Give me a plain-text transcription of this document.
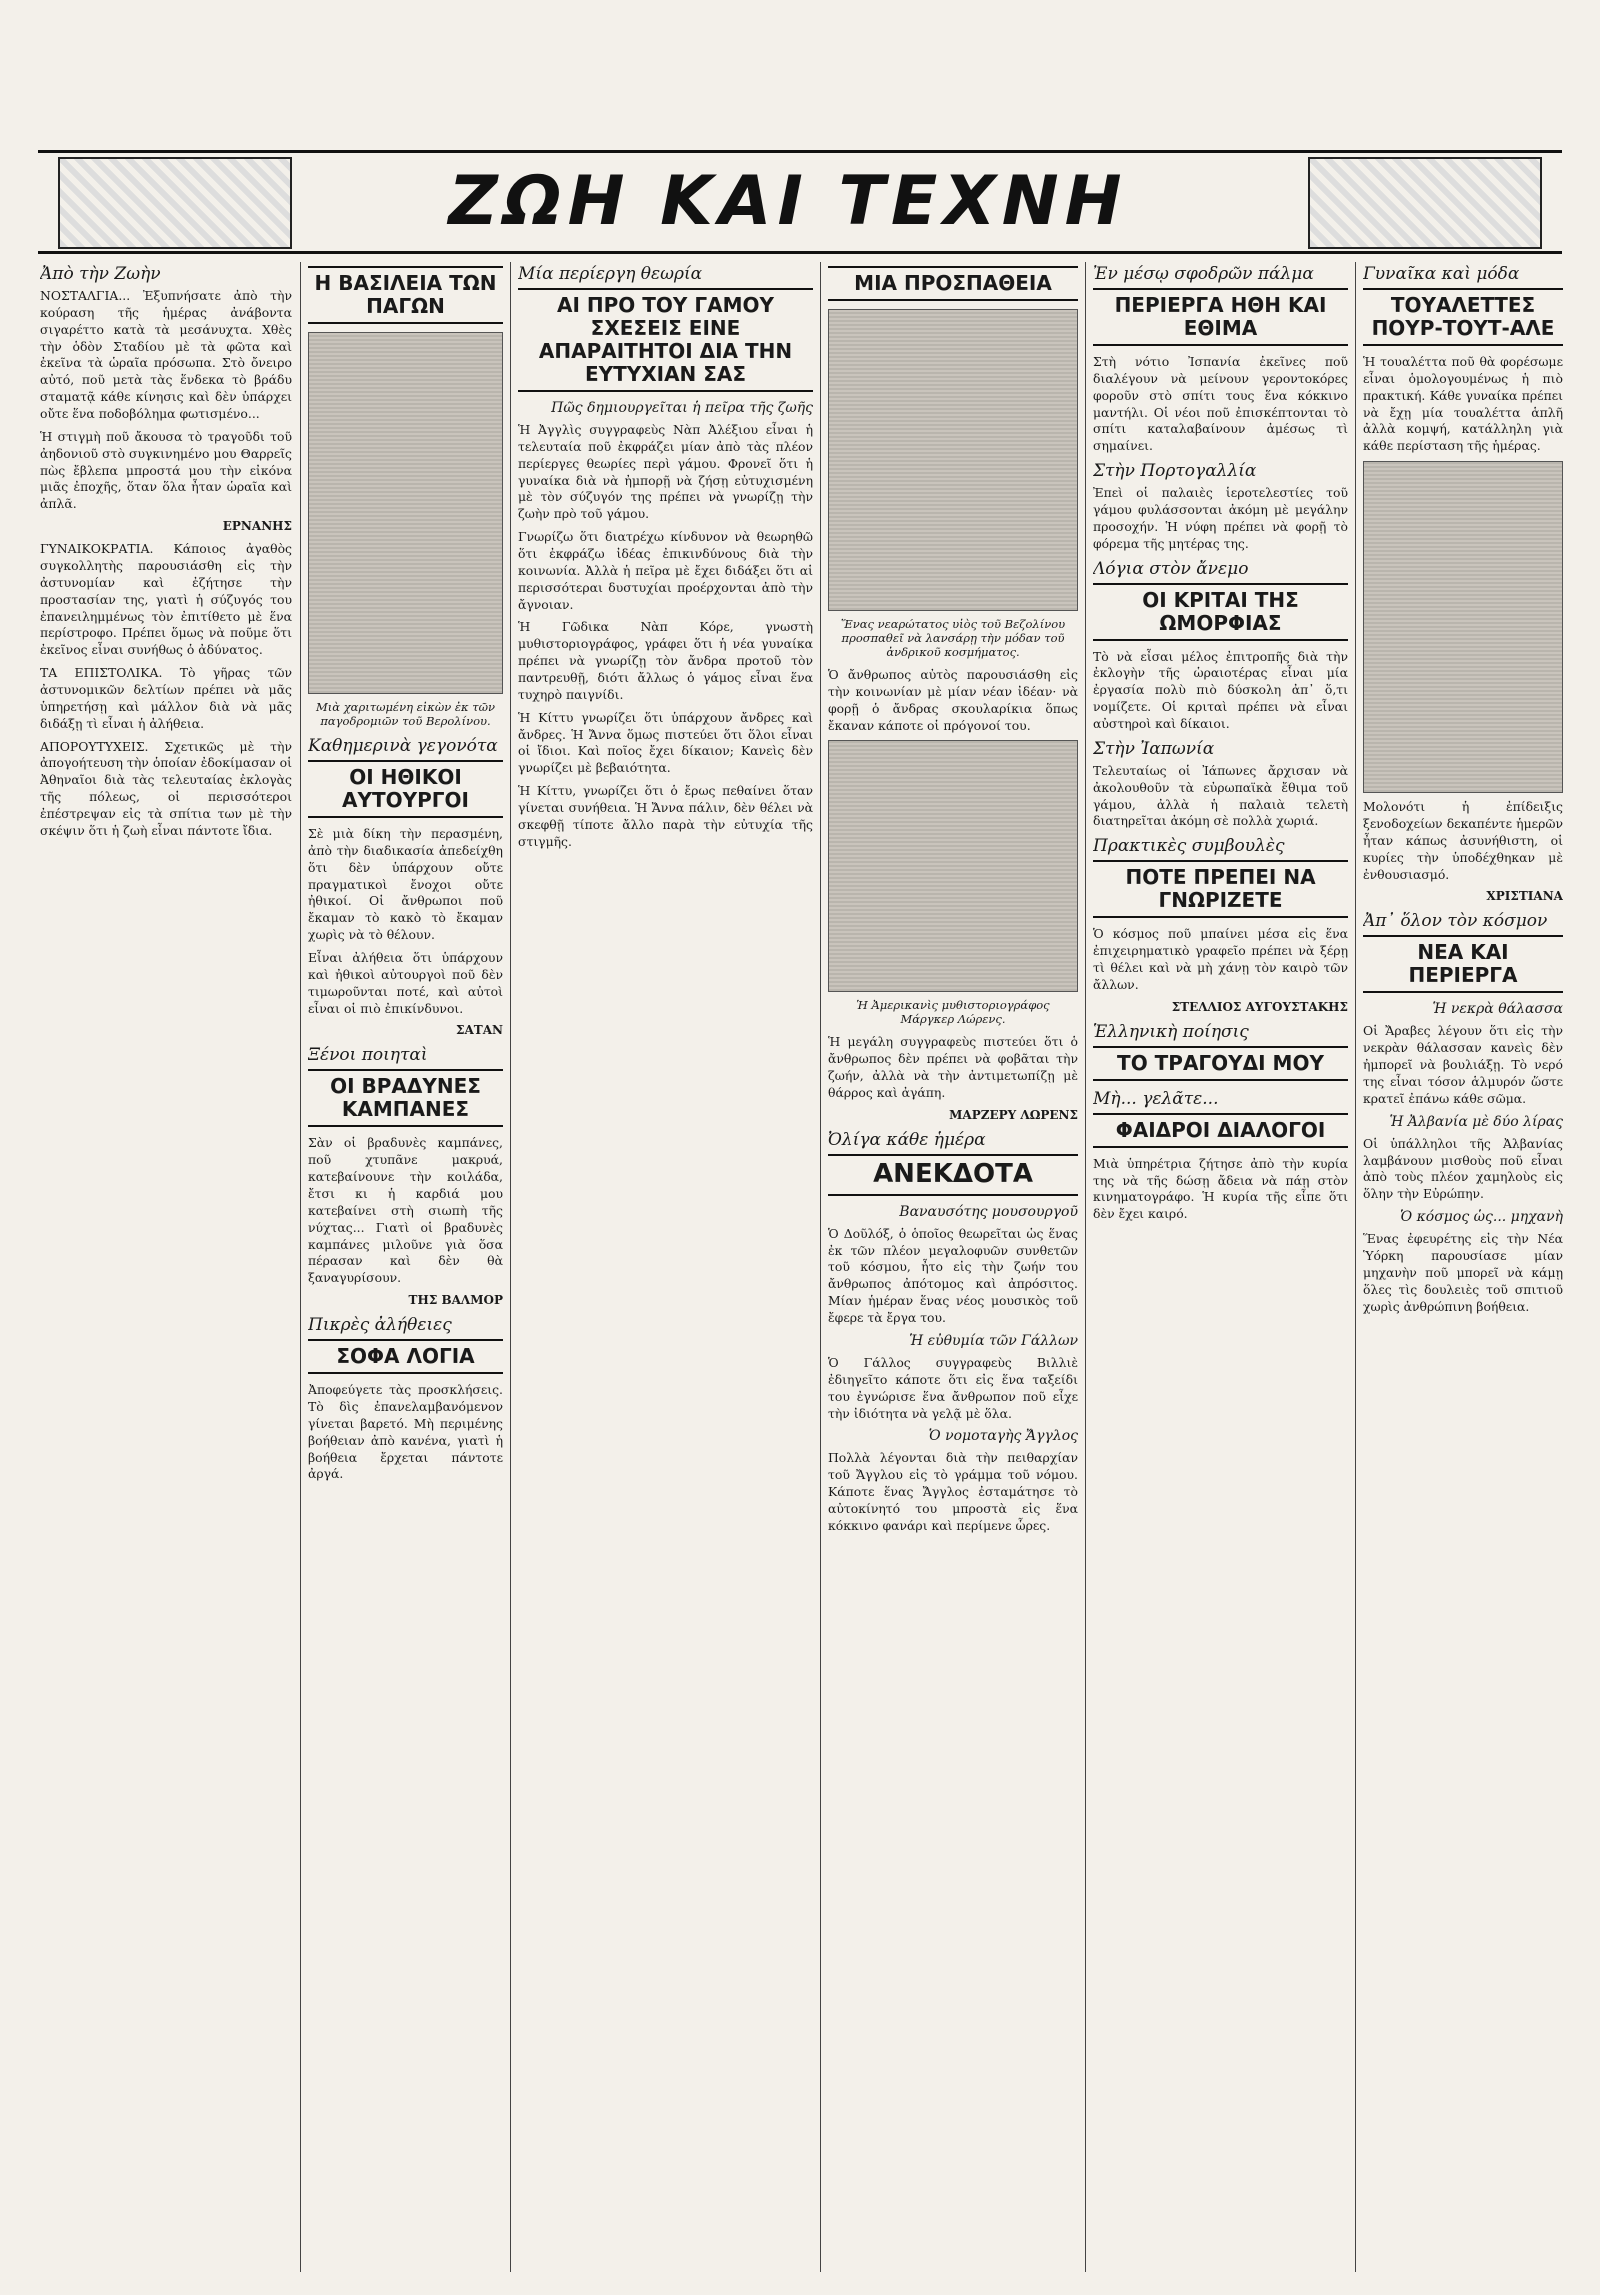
ΖΩΗ ΚΑΙ ΤΕΧΝΗ
Ἀπὸ τὴν Ζωὴν

ΝΟΣΤΑΛΓΙΑ... Ἐξυπνήσατε ἀπὸ τὴν κούραση τῆς ἡμέρας ἀνάβοντα σιγαρέττο κατὰ τὰ μεσάνυχτα. Χθὲς τὴν ὁδὸν Σταδίου μὲ τὰ φῶτα καὶ ἐκεῖνα τὰ ὡραῖα πρόσωπα. Στὸ ὄνειρο αὐτό, ποῦ μετὰ τὰς ἕνδεκα τὸ βράδυ σταματᾷ κάθε κίνησις καὶ δὲν ὑπάρχει οὔτε ἕνα ποδοβόλημα φωτισμένο...

Ἡ στιγμὴ ποῦ ἄκουσα τὸ τραγοῦδι τοῦ ἀηδονιοῦ στὸ συγκινημένο μου Θαρρεῖς πὼς ἔβλεπα μπροστά μου τὴν εἰκόνα μιᾶς ἐποχῆς, ὅταν ὅλα ἦταν ὡραῖα καὶ ἀπλᾶ.

ΕΡΝΑΝΗΣ

ΓΥΝΑΙΚΟΚΡΑΤΙΑ. Κάποιος ἀγαθὸς συγκολλητὴς παρουσιάσθη εἰς τὴν ἀστυνομίαν καὶ ἐζήτησε τὴν προστασίαν της, γιατὶ ἡ σύζυγός του ἐπανειλημμένως τὸν ἐπιτίθετο μὲ ἕνα περίστροφο. Πρέπει ὅμως νὰ ποῦμε ὅτι ἐκεῖνος εἶναι συνήθως ὁ ἀδύνατος.

ΤΑ ΕΠΙΣΤΟΛΙΚΑ. Τὸ γῆρας τῶν ἀστυνομικῶν δελτίων πρέπει νὰ μᾶς ὑπηρετήσῃ καὶ μάλλον διὰ νὰ μᾶς διδάξῃ τὶ εἶναι ἡ ἀλήθεια.

ΑΠΟΡΟΥΤΥΧΕΙΣ. Σχετικῶς μὲ τὴν ἀπογοήτευση τὴν ὁποίαν ἐδοκίμασαν οἱ Ἀθηναῖοι διὰ τὰς τελευταίας ἐκλογὰς τῆς πόλεως, οἱ περισσότεροι ἐπέστρεψαν εἰς τὰ σπίτια των μὲ τὴν σκέψιν ὅτι ἡ ζωὴ εἶναι πάντοτε ἴδια.

Η ΒΑΣΙΛΕΙΑ ΤΩΝ ΠΑΓΩΝ
Μιὰ χαριτωμένη εἰκὼν ἐκ τῶν παγοδρομιῶν τοῦ Βερολίνου.
Καθημερινὰ γεγονότα
ΟΙ ΗΘΙΚΟΙ ΑΥΤΟΥΡΓΟΙ

Σὲ μιὰ δίκη τὴν περασμένη, ἀπὸ τὴν διαδικασία ἀπεδείχθη ὅτι δὲν ὑπάρχουν οὔτε πραγματικοὶ ἔνοχοι οὔτε ἠθικοί. Οἱ ἄνθρωποι ποῦ ἔκαμαν τὸ κακὸ τὸ ἔκαμαν χωρὶς νὰ τὸ θέλουν.

Εἶναι ἀλήθεια ὅτι ὑπάρχουν καὶ ἠθικοὶ αὐτουργοὶ ποῦ δὲν τιμωροῦνται ποτέ, καὶ αὐτοὶ εἶναι οἱ πιὸ ἐπικίνδυνοι.

ΣΑΤΑΝ
Ξένοι ποιηταὶ
ΟΙ ΒΡΑΔΥΝΕΣ ΚΑΜΠΑΝΕΣ

Σὰν οἱ βραδυνὲς καμπάνες, ποῦ χτυπᾶνε μακρυά, κατεβαίνουνε τὴν κοιλάδα, ἔτσι κι ἡ καρδιά μου κατεβαίνει στὴ σιωπὴ τῆς νύχτας... Γιατὶ οἱ βραδυνὲς καμπάνες μιλοῦνε γιὰ ὅσα πέρασαν καὶ δὲν θὰ ξαναγυρίσουν.

ΤΗΣ ΒΑΛΜΟΡ
Πικρὲς ἀλήθειες
ΣΟΦΑ ΛΟΓΙΑ

Ἀποφεύγετε τὰς προσκλήσεις. Τὸ δὶς ἐπανελαμβανόμενον γίνεται βαρετό. Μὴ περιμένης βοήθειαν ἀπὸ κανένα, γιατὶ ἡ βοήθεια ἔρχεται πάντοτε ἀργά.

Μία περίεργη θεωρία
ΑΙ ΠΡΟ ΤΟΥ ΓΑΜΟΥ ΣΧΕΣΕΙΣ ΕΙΝΕ ΑΠΑΡΑΙΤΗΤΟΙ ΔΙΑ ΤΗΝ ΕΥΤΥΧΙΑΝ ΣΑΣ
Πῶς δημιουργεῖται ἡ πεῖρα τῆς ζωῆς

Ἡ Ἀγγλὶς συγγραφεὺς Νὰπ Ἀλέξιου εἶναι ἡ τελευταία ποῦ ἐκφράζει μίαν ἀπὸ τὰς πλέον περίεργες θεωρίες περὶ γάμου. Φρονεῖ ὅτι ἡ γυναίκα διὰ νὰ ἠμπορῇ νὰ ζήσῃ εὐτυχισμένη μὲ τὸν σύζυγόν της πρέπει νὰ γνωρίζῃ τὴν ζωὴν πρὸ τοῦ γάμου.

Γνωρίζω ὅτι διατρέχω κίνδυνον νὰ θεωρηθῶ ὅτι ἐκφράζω ἰδέας ἐπικινδύνους διὰ τὴν κοινωνία. Ἀλλὰ ἡ πεῖρα μὲ ἔχει διδάξει ὅτι αἱ περισσότεραι δυστυχίαι προέρχονται ἀπὸ τὴν ἄγνοιαν.

Ἡ Γῶδικα Νὰπ Κόρε, γνωστὴ μυθιστοριογράφος, γράφει ὅτι ἡ νέα γυναίκα πρέπει νὰ γνωρίζῃ τὸν ἄνδρα προτοῦ τὸν παντρευθῇ, διότι ἄλλως ὁ γάμος εἶναι ἕνα τυχηρὸ παιγνίδι.

Ἡ Κίττυ γνωρίζει ὅτι ὑπάρχουν ἄνδρες καὶ ἄνδρες. Ἡ Ἄννα ὅμως πιστεύει ὅτι ὅλοι εἶναι οἱ ἴδιοι. Καὶ ποῖος ἔχει δίκαιον; Κανεὶς δὲν γνωρίζει μὲ βεβαιότητα.

Ἡ Κίττυ, γνωρίζει ὅτι ὁ ἔρως πεθαίνει ὅταν γίνεται συνήθεια. Ἡ Ἄννα πάλιν, δὲν θέλει νὰ σκεφθῇ τίποτε ἄλλο παρὰ τὴν εὐτυχία τῆς στιγμῆς.

ΜΙΑ ΠΡΟΣΠΑΘΕΙΑ
Ἕνας νεαρώτατος υἱὸς τοῦ Βεζολίνου προσπαθεῖ νὰ λανσάρῃ τὴν μόδαν τοῦ ἀνδρικοῦ κοσμήματος.

Ὁ ἄνθρωπος αὐτὸς παρουσιάσθη εἰς τὴν κοινωνίαν μὲ μίαν νέαν ἰδέαν· νὰ φορῇ ὁ ἄνδρας σκουλαρίκια ὅπως ἔκαναν κάποτε οἱ πρόγονοί του.

Ἡ Ἀμερικανὶς μυθιστοριογράφος Μάργκερ Λώρενς.

Ἡ μεγάλη συγγραφεὺς πιστεύει ὅτι ὁ ἄνθρωπος δὲν πρέπει νὰ φοβᾶται τὴν ζωήν, ἀλλὰ νὰ τὴν ἀντιμετωπίζῃ μὲ θάρρος καὶ ἀγάπη.

ΜΑΡΖΕΡΥ ΛΩΡΕΝΣ
Ὀλίγα κάθε ἡμέρα
ΑΝΕΚΔΟΤΑ
Βαναυσότης μουσουργοῦ

Ὁ Δοῦλόξ, ὁ ὁποῖος θεωρεῖται ὡς ἕνας ἐκ τῶν πλέον μεγαλοφυῶν συνθετῶν τοῦ κόσμου, ἦτο εἰς τὴν ζωήν του ἄνθρωπος ἀπότομος καὶ ἀπρόσιτος. Μίαν ἡμέραν ἕνας νέος μουσικὸς τοῦ ἔφερε τὰ ἔργα του.

Ἡ εὐθυμία τῶν Γάλλων

Ὁ Γάλλος συγγραφεὺς Βιλλιὲ ἐδιηγεῖτο κάποτε ὅτι εἰς ἕνα ταξείδι του ἐγνώρισε ἕνα ἄνθρωπον ποῦ εἶχε τὴν ἰδιότητα νὰ γελᾷ μὲ ὅλα.

Ὁ νομοταγὴς Ἄγγλος

Πολλὰ λέγονται διὰ τὴν πειθαρχίαν τοῦ Ἄγγλου εἰς τὸ γράμμα τοῦ νόμου. Κάποτε ἕνας Ἄγγλος ἐσταμάτησε τὸ αὐτοκίνητό του μπροστὰ εἰς ἕνα κόκκινο φανάρι καὶ περίμενε ὧρες.

Ἐν μέσῳ σφοδρῶν πάλμα
ΠΕΡΙΕΡΓΑ ΗΘΗ ΚΑΙ ΕΘΙΜΑ

Στὴ νότιο Ἰσπανία ἐκεῖνες ποῦ διαλέγουν νὰ μείνουν γεροντοκόρες φοροῦν στὸ σπίτι τους ἕνα κόκκινο μαντήλι. Οἱ νέοι ποῦ ἐπισκέπτονται τὸ σπίτι καταλαβαίνουν ἀμέσως τὶ σημαίνει.

Στὴν Πορτογαλλία

Ἐπεὶ οἱ παλαιὲς ἱεροτελεστίες τοῦ γάμου φυλάσσονται ἀκόμη μὲ μεγάλην προσοχήν. Ἡ νύφη πρέπει νὰ φορῇ τὸ φόρεμα τῆς μητέρας της.

Λόγια στὸν ἄνεμο
ΟΙ ΚΡΙΤΑΙ ΤΗΣ ΩΜΟΡΦΙΑΣ

Τὸ νὰ εἶσαι μέλος ἐπιτροπῆς διὰ τὴν ἐκλογὴν τῆς ὡραιοτέρας εἶναι μία ἐργασία πολὺ πιὸ δύσκολη ἀπ᾽ ὅ,τι νομίζετε. Οἱ κριταὶ πρέπει νὰ εἶναι αὐστηροὶ καὶ δίκαιοι.

Στὴν Ἰαπωνία

Τελευταίως οἱ Ἰάπωνες ἄρχισαν νὰ ἀκολουθοῦν τὰ εὐρωπαϊκὰ ἔθιμα τοῦ γάμου, ἀλλὰ ἡ παλαιὰ τελετὴ διατηρεῖται ἀκόμη σὲ πολλὰ χωριά.

Πρακτικὲς συμβουλὲς
ΠΟΤΕ ΠΡΕΠΕΙ ΝΑ ΓΝΩΡΙΖΕΤΕ

Ὁ κόσμος ποῦ μπαίνει μέσα εἰς ἕνα ἐπιχειρηματικὸ γραφεῖο πρέπει νὰ ξέρῃ τὶ θέλει καὶ νὰ μὴ χάνῃ τὸν καιρὸ τῶν ἄλλων.

ΣΤΕΛΛΙΟΣ ΑΥΓΟΥΣΤΑΚΗΣ
Ἑλληνικὴ ποίησις
ΤΟ ΤΡΑΓΟΥΔΙ ΜΟΥ
Μὴ... γελᾶτε...
ΦΑΙΔΡΟΙ ΔΙΑΛΟΓΟΙ

Μιὰ ὑπηρέτρια ζήτησε ἀπὸ τὴν κυρία της νὰ τῆς δώσῃ ἄδεια νὰ πάῃ στὸν κινηματογράφο. Ἡ κυρία τῆς εἶπε ὅτι δὲν ἔχει καιρό.

Γυναῖκα καὶ μόδα
ΤΟΥΑΛΕΤΤΕΣ ΠΟΥΡ-ΤΟΥΤ-ΑΛΕ

Ἡ τουαλέττα ποῦ θὰ φορέσωμε εἶναι ὁμολογουμένως ἡ πιὸ πρακτική. Κάθε γυναίκα πρέπει νὰ ἔχῃ μία τουαλέττα ἁπλῆ ἀλλὰ κομψή, κατάλληλη γιὰ κάθε περίσταση τῆς ἡμέρας.

Μολονότι ἡ ἐπίδειξις ξενοδοχείων δεκαπέντε ἡμερῶν ἦταν κάπως ἀσυνήθιστη, οἱ κυρίες τὴν ὑποδέχθηκαν μὲ ἐνθουσιασμό.

ΧΡΙΣΤΙΑΝΑ
Ἀπ᾽ ὅλον τὸν κόσμον
ΝΕΑ ΚΑΙ ΠΕΡΙΕΡΓΑ
Ἡ νεκρὰ θάλασσα

Οἱ Ἄραβες λέγουν ὅτι εἰς τὴν νεκρὰν θάλασσαν κανεὶς δὲν ἠμπορεῖ νὰ βουλιάξῃ. Τὸ νερό της εἶναι τόσον ἁλμυρόν ὥστε κρατεῖ ἐπάνω κάθε σῶμα.

Ἡ Ἀλβανία μὲ δύο λίρας

Οἱ ὑπάλληλοι τῆς Ἀλβανίας λαμβάνουν μισθοὺς ποῦ εἶναι ἀπὸ τοὺς πλέον χαμηλοὺς εἰς ὅλην τὴν Εὐρώπην.

Ὁ κόσμος ὡς... μηχανὴ

Ἕνας ἐφευρέτης εἰς τὴν Νέα Ὑόρκη παρουσίασε μίαν μηχανὴν ποῦ μπορεῖ νὰ κάμῃ ὅλες τὶς δουλειὲς τοῦ σπιτιοῦ χωρὶς ἀνθρώπινη βοήθεια.
